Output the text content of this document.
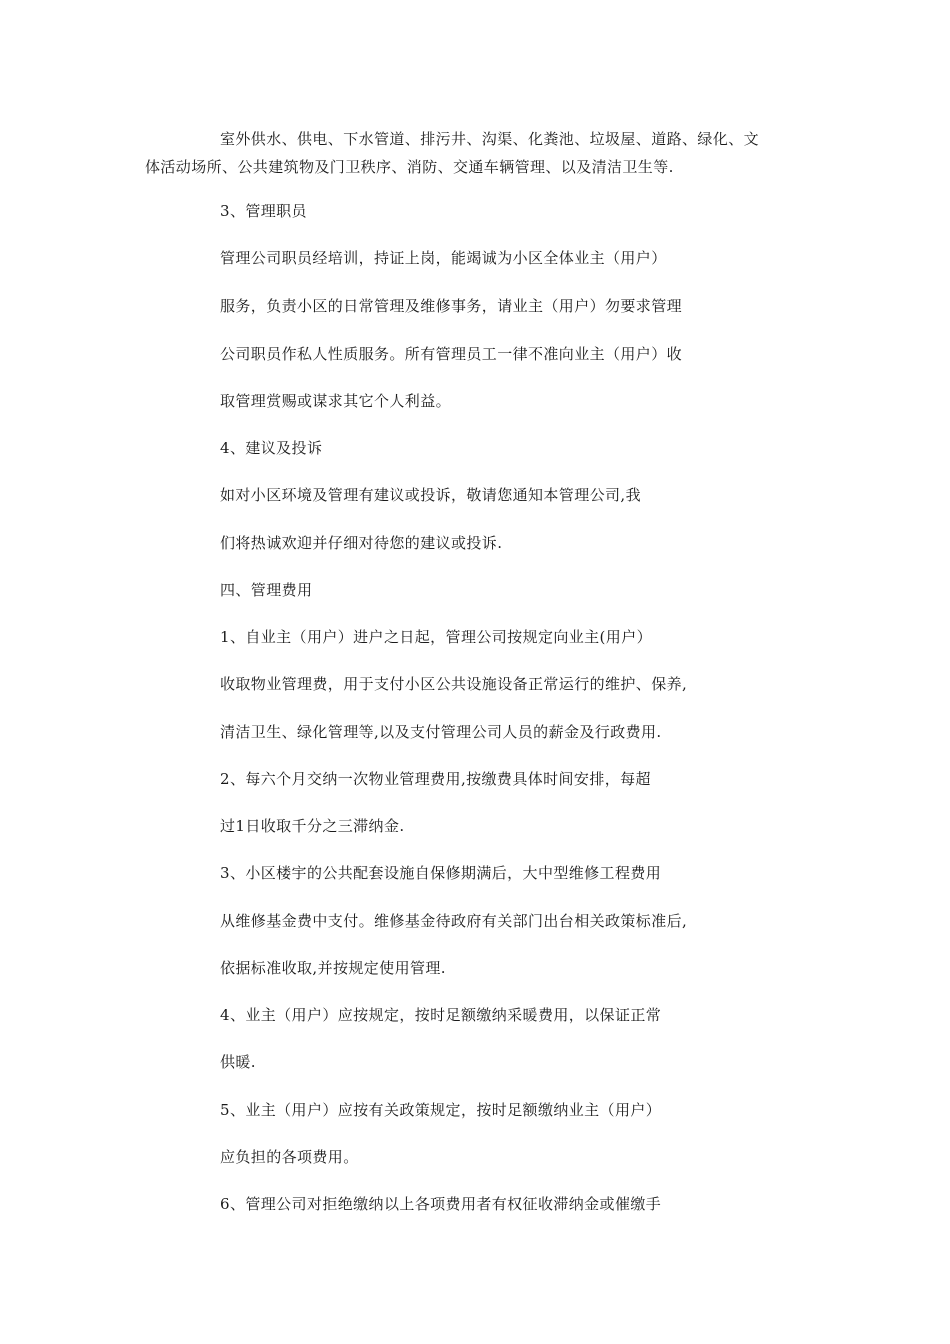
室外供水、供电、下水管道、排污井、沟渠、化粪池、垃圾屋、道路、绿化、文
体活动场所、公共建筑物及门卫秩序、消防、交通车辆管理、以及清洁卫生等.
3、管理职员
管理公司职员经培训，持证上岗，能竭诚为小区全体业主（用户）
服务，负责小区的日常管理及维修事务，请业主（用户）勿要求管理
公司职员作私人性质服务。所有管理员工一律不准向业主（用户）收
取管理赏赐或谋求其它个人利益。
4、建议及投诉
如对小区环境及管理有建议或投诉，敬请您通知本管理公司,我
们将热诚欢迎并仔细对待您的建议或投诉.
四、管理费用
1、自业主（用户）进户之日起，管理公司按规定向业主(用户）
收取物业管理费，用于支付小区公共设施设备正常运行的维护、保养,
清洁卫生、绿化管理等,以及支付管理公司人员的薪金及行政费用.
2、每六个月交纳一次物业管理费用,按缴费具体时间安排，每超
过1日收取千分之三滞纳金.
3、小区楼宇的公共配套设施自保修期满后，大中型维修工程费用
从维修基金费中支付。维修基金待政府有关部门出台相关政策标准后,
依据标准收取,并按规定使用管理.
4、业主（用户）应按规定，按时足额缴纳采暖费用，以保证正常
供暖.
5、业主（用户）应按有关政策规定，按时足额缴纳业主（用户）
应负担的各项费用。
6、管理公司对拒绝缴纳以上各项费用者有权征收滞纳金或催缴手
